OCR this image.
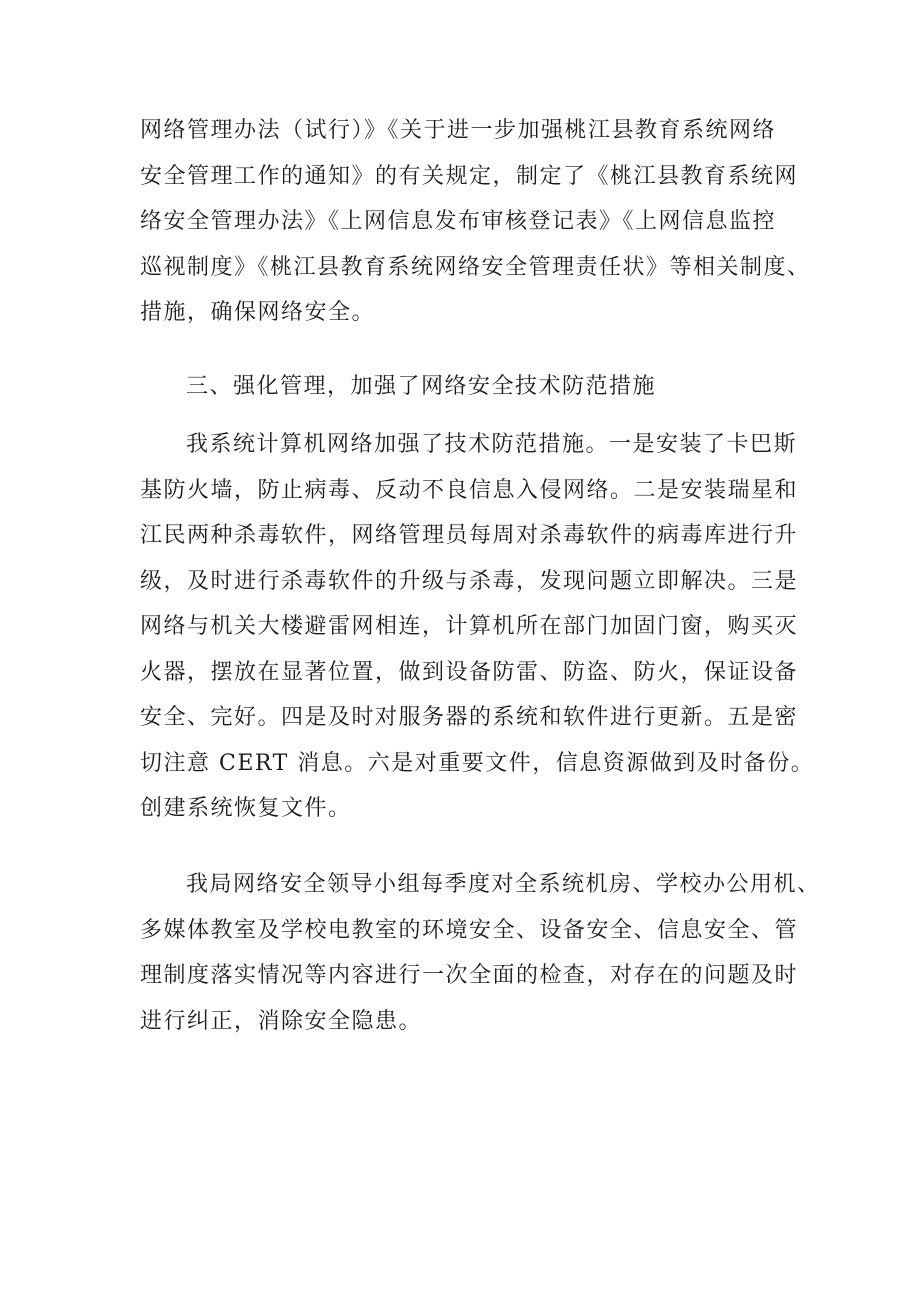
网络管理办法（试行）》《关于进一步加强桃江县教育系统网络
安全管理工作的通知》的有关规定，制定了《桃江县教育系统网
络安全管理办法》《上网信息发布审核登记表》《上网信息监控
巡视制度》《桃江县教育系统网络安全管理责任状》等相关制度、
措施，确保网络安全。
三、强化管理，加强了网络安全技术防范措施
我系统计算机网络加强了技术防范措施。一是安装了卡巴斯
基防火墙，防止病毒、反动不良信息入侵网络。二是安装瑞星和
江民两种杀毒软件，网络管理员每周对杀毒软件的病毒库进行升
级，及时进行杀毒软件的升级与杀毒，发现问题立即解决。三是
网络与机关大楼避雷网相连，计算机所在部门加固门窗，购买灭
火器，摆放在显著位置，做到设备防雷、防盗、防火，保证设备
安全、完好。四是及时对服务器的系统和软件进行更新。五是密
切注意 CERT 消息。六是对重要文件，信息资源做到及时备份。
创建系统恢复文件。
我局网络安全领导小组每季度对全系统机房、学校办公用机、
多媒体教室及学校电教室的环境安全、设备安全、信息安全、管
理制度落实情况等内容进行一次全面的检查，对存在的问题及时
进行纠正，消除安全隐患。
